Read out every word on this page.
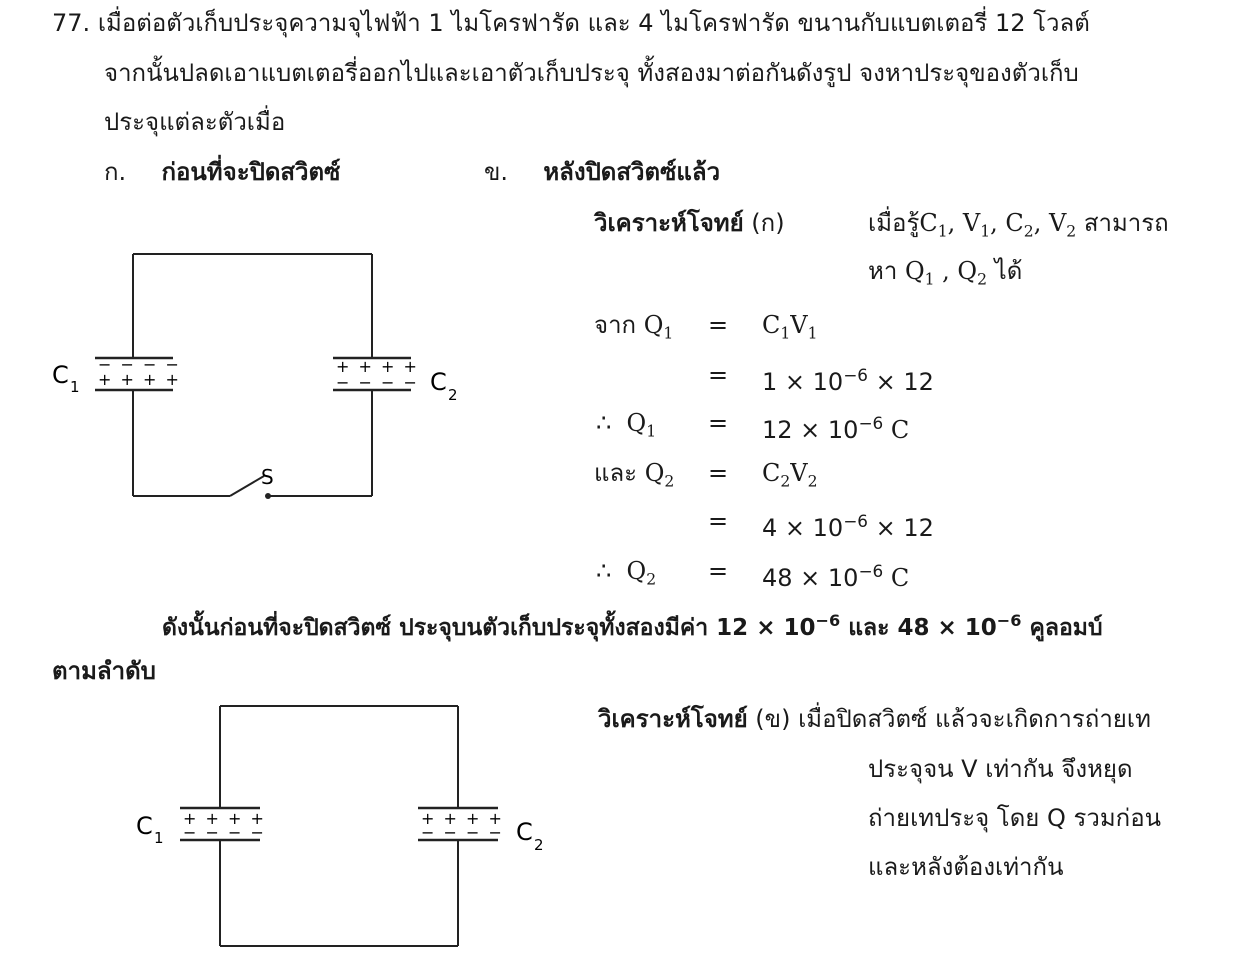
77. เมื่อต่อตัวเก็บประจุความจุไฟฟ้า 1 ไมโครฟารัด และ 4 ไมโครฟารัด ขนานกับแบตเตอรี่ 12 โวลต์
จากนั้นปลดเอาแบตเตอรี่ออกไปและเอาตัวเก็บประจุ ทั้งสองมาต่อกันดังรูป จงหาประจุของตัวเก็บ
ประจุแต่ละตัวเมื่อ
ก. ก่อนที่จะปิดสวิตซ์	ข. หลังปิดสวิตซ์แล้ว
− − − −
+ + + +
+ + + +
− − − −
C 1	C 2
S
วิเคราะห์โจทย์ (ก)	เมื่อรู้$C_1$, $V_1$, $C_2$, $V_2$ สามารถ
หา $Q_1$ , $Q_2$ ได้
จาก $Q_1 = C_1V_1$
= $1 \times 10^{-6} \times 12$
∴ $Q_1 = 12 \times 10^{-6}$ C
และ $Q_2 = C_2V_2$
= $4 \times 10^{-6} \times 12$
∴ $Q_2 = 48 \times 10^{-6}$ C
ดังนั้นก่อนที่จะปิดสวิตซ์ ประจุบนตัวเก็บประจุทั้งสองมีค่า $12 \times 10^{-6}$ และ $48 \times 10^{-6}$ คูลอมบ์
ตามลำดับ
+ + + +
− − − −
+ + + +
− − − −
C 1	C 2
วิเคราะห์โจทย์ (ข) เมื่อปิดสวิตซ์ แล้วจะเกิดการถ่ายเท
ประจุจน V เท่ากัน จึงหยุด
ถ่ายเทประจุ โดย Q รวมก่อน
และหลังต้องเท่ากัน
